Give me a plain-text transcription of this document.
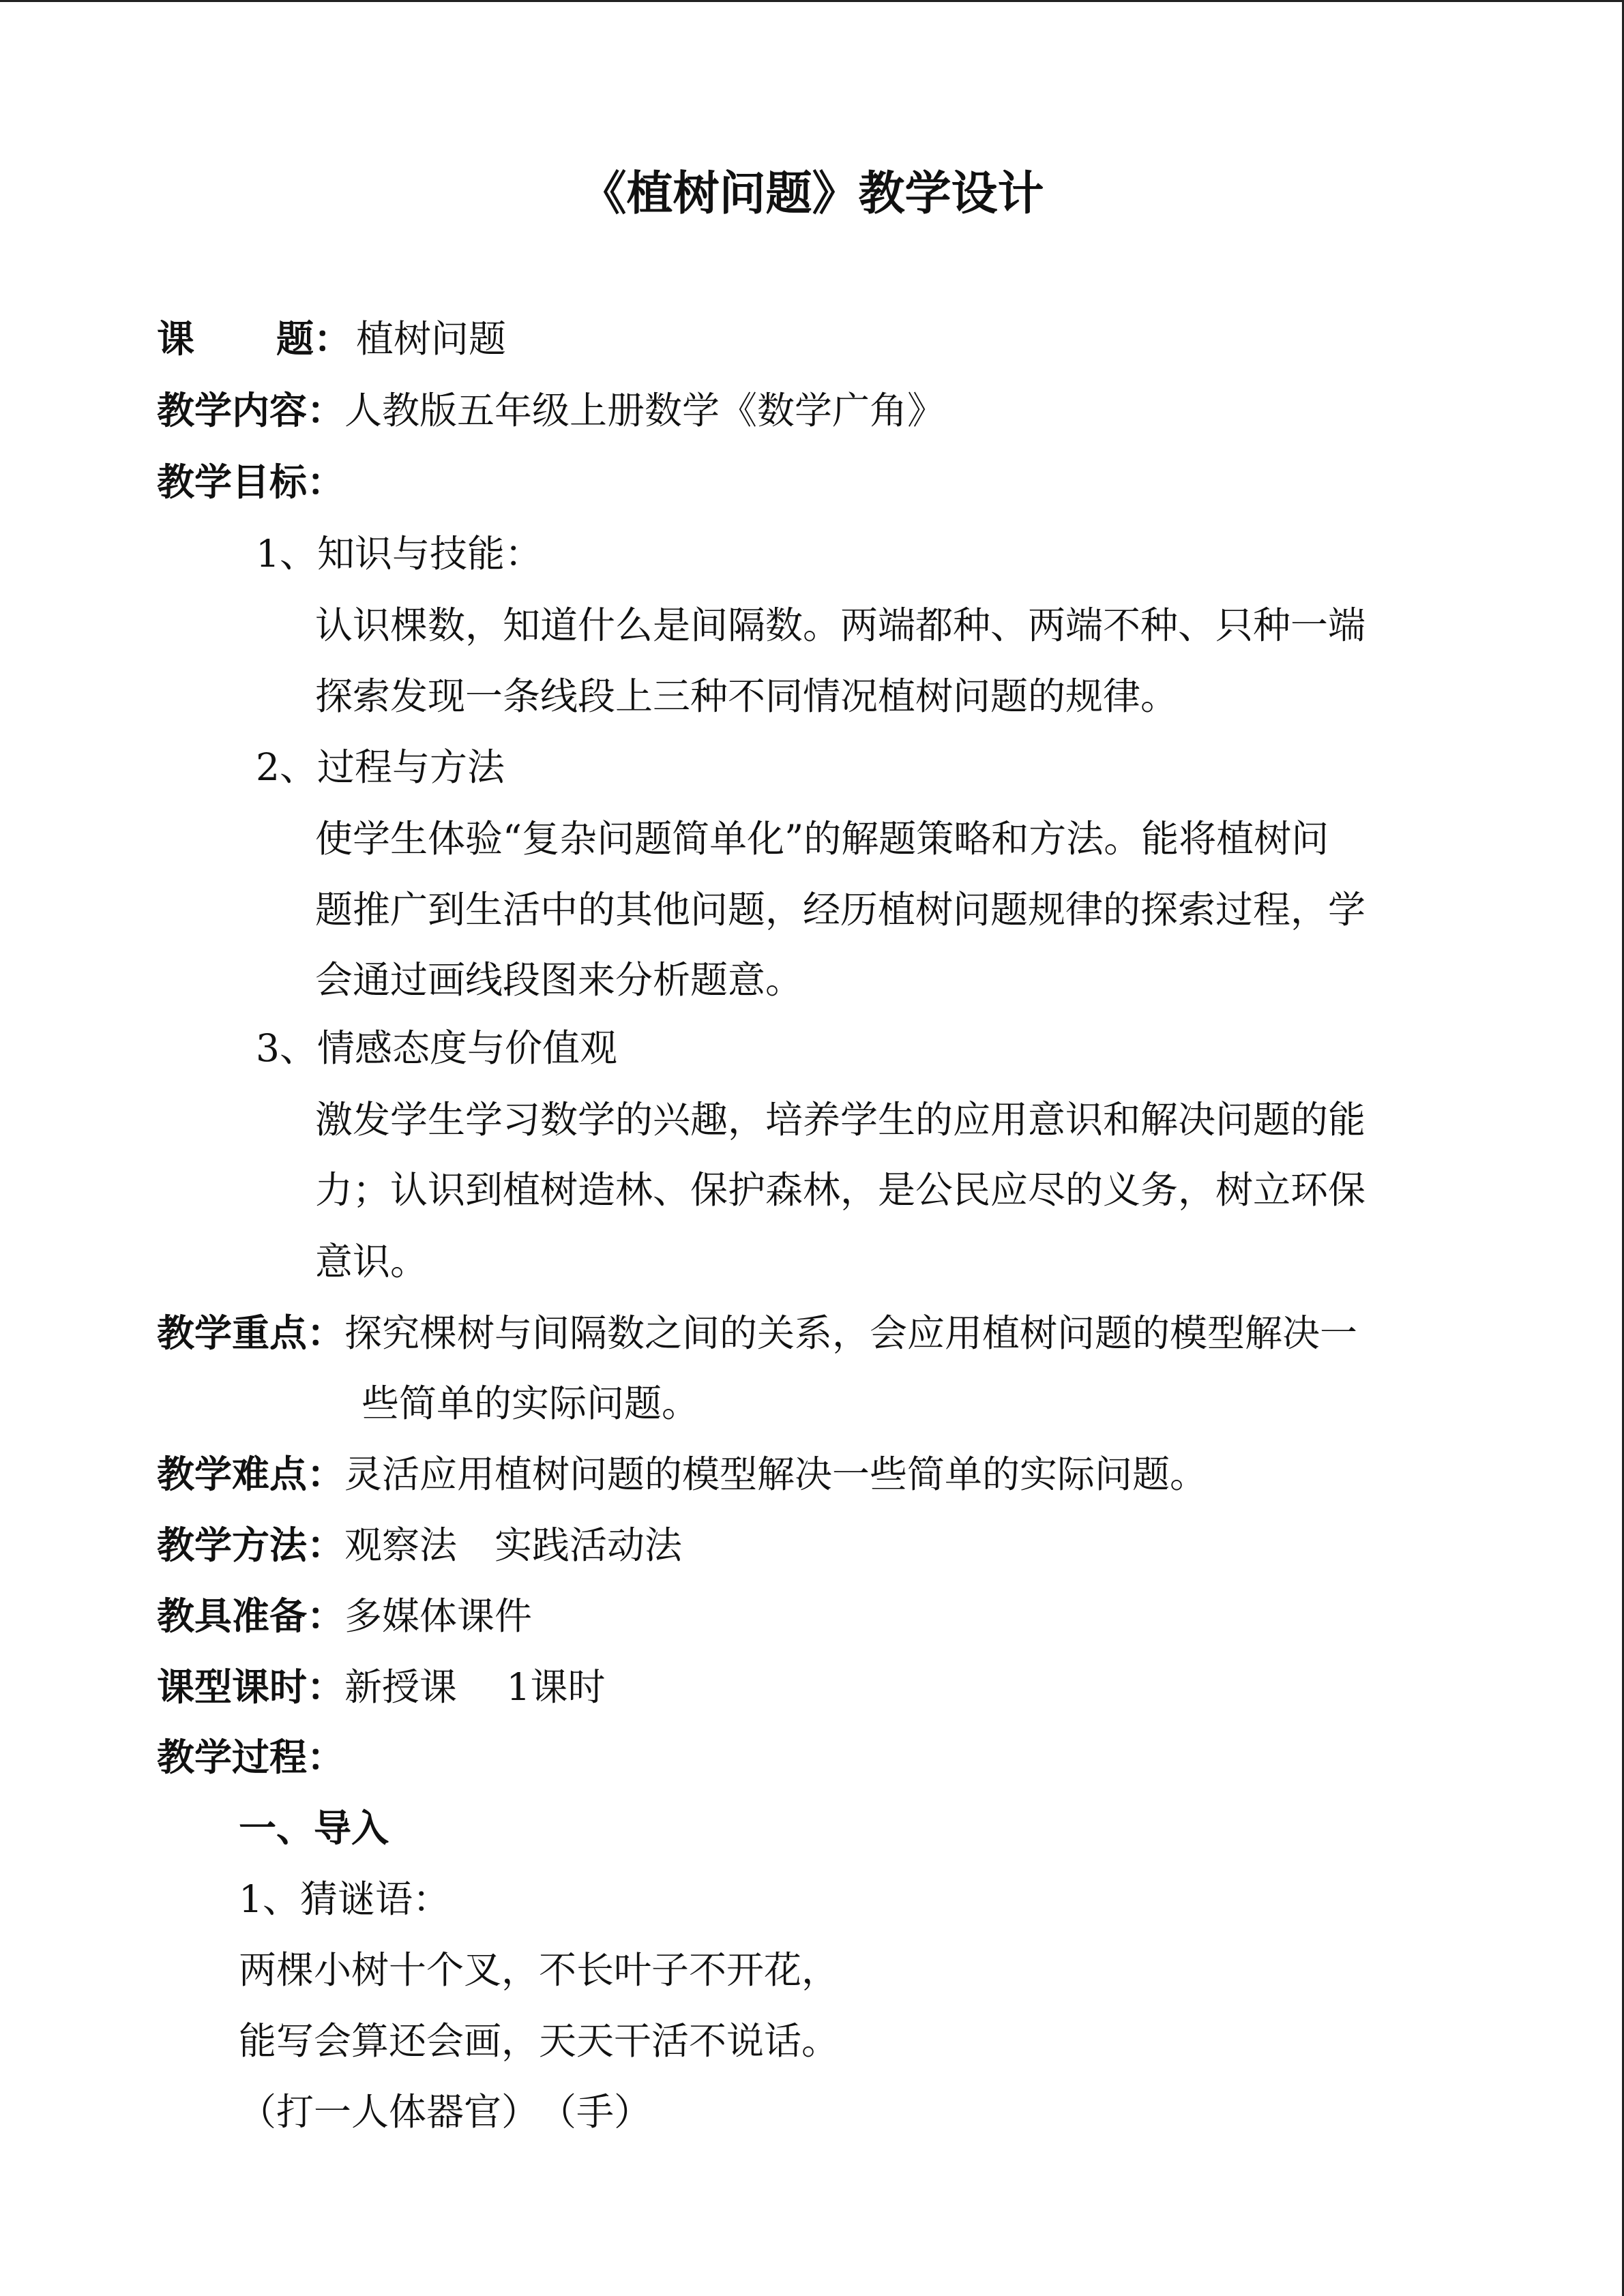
《植树问题》教学设计
课 题： 植树问题
教学内容：人教版五年级上册数学《数学广角》
教学目标：
1、知识与技能：
认识棵数，知道什么是间隔数。两端都种、两端不种、只种一端
探索发现一条线段上三种不同情况植树问题的规律。
2、过程与方法
使学生体验“复杂问题简单化”的解题策略和方法。能将植树问
题推广到生活中的其他问题，经历植树问题规律的探索过程，学
会通过画线段图来分析题意。
3、情感态度与价值观
激发学生学习数学的兴趣，培养学生的应用意识和解决问题的能
力；认识到植树造林、保护森林，是公民应尽的义务，树立环保
意识。
教学重点：探究棵树与间隔数之间的关系，会应用植树问题的模型解决一
些简单的实际问题。
教学难点：灵活应用植树问题的模型解决一些简单的实际问题。
教学方法：观察法　实践活动法
教具准备：多媒体课件
课型课时：新授课　 1课时
教学过程：
一、导入
1、猜谜语：
两棵小树十个叉，不长叶子不开花，
能写会算还会画，天天干活不说话。
（打一人体器官）　（手）
